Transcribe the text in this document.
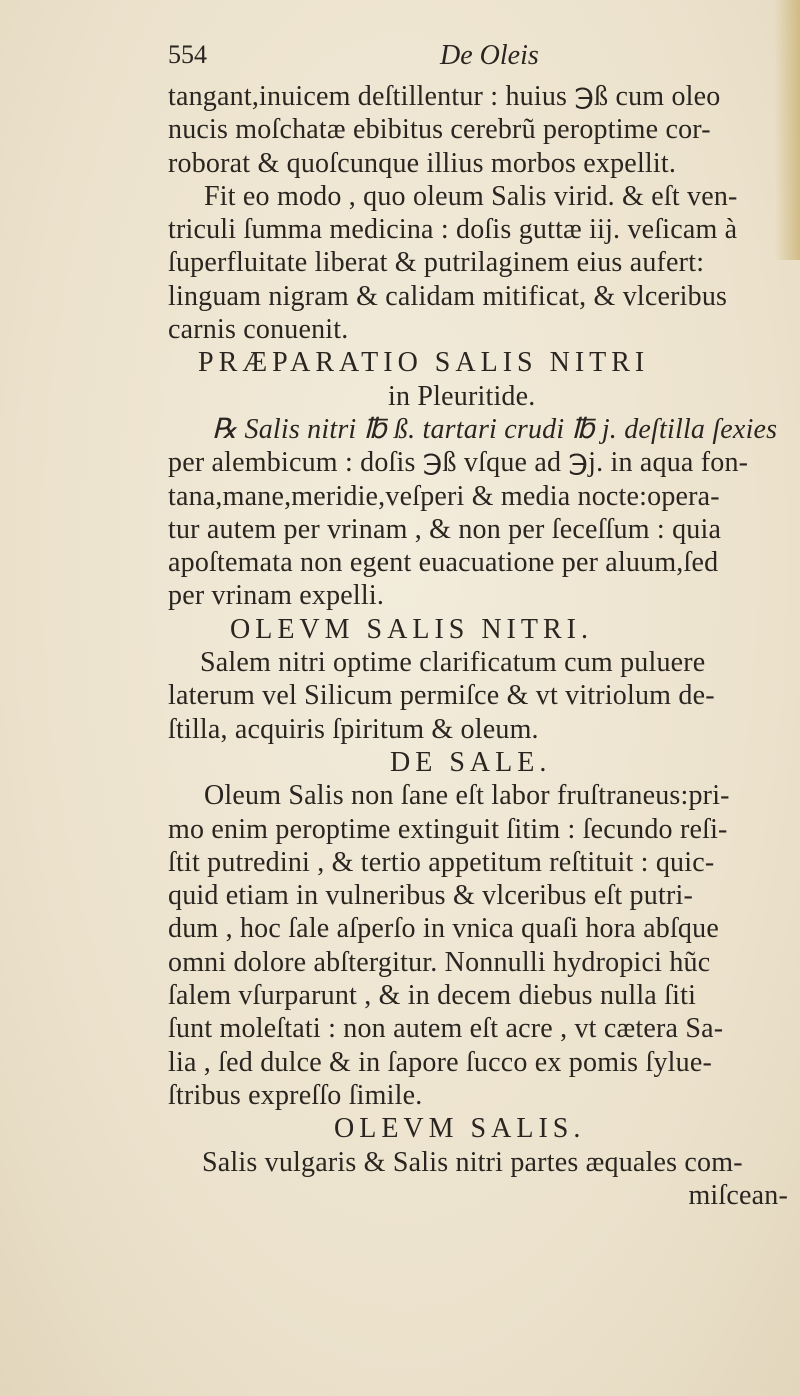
554	De Oleis
tangant,inuicem deſtillentur : huius ℈ß cum oleo
nucis moſchatæ ebibitus cerebrũ peroptime cor-
roborat & quoſcunque illius morbos expellit.
Fit eo modo , quo oleum Salis virid. & eſt ven-
triculi ſumma medicina : doſis guttæ iij. veſicam à
ſuperfluitate liberat & putrilaginem eius aufert:
linguam nigram & calidam mitificat, & vlceribus
carnis conuenit.
PRÆPARATIO SALIS NITRI
in Pleuritide.
℞ Salis nitri ℔ ß. tartari crudi ℔ j. deſtilla ſexies
per alembicum : doſis ℈ß vſque ad ℈j. in aqua fon-
tana,mane,meridie,veſperi & media nocte:opera-
tur autem per vrinam , & non per ſeceſſum : quia
apoſtemata non egent euacuatione per aluum,ſed
per vrinam expelli.
OLEVM SALIS NITRI.
Salem nitri optime clarificatum cum puluere
laterum vel Silicum permiſce & vt vitriolum de-
ſtilla, acquiris ſpiritum & oleum.
DE SALE.
Oleum Salis non ſane eſt labor fruſtraneus:pri-
mo enim peroptime extinguit ſitim : ſecundo reſi-
ſtit putredini , & tertio appetitum reſtituit : quic-
quid etiam in vulneribus & vlceribus eſt putri-
dum , hoc ſale aſperſo in vnica quaſi hora abſque
omni dolore abſtergitur. Nonnulli hydropici hũc
ſalem vſurparunt , & in decem diebus nulla ſiti
ſunt moleſtati : non autem eſt acre , vt cætera Sa-
lia , ſed dulce & in ſapore ſucco ex pomis ſylue-
ſtribus expreſſo ſimile.
OLEVM SALIS.
Salis vulgaris & Salis nitri partes æquales com-
miſcean-
